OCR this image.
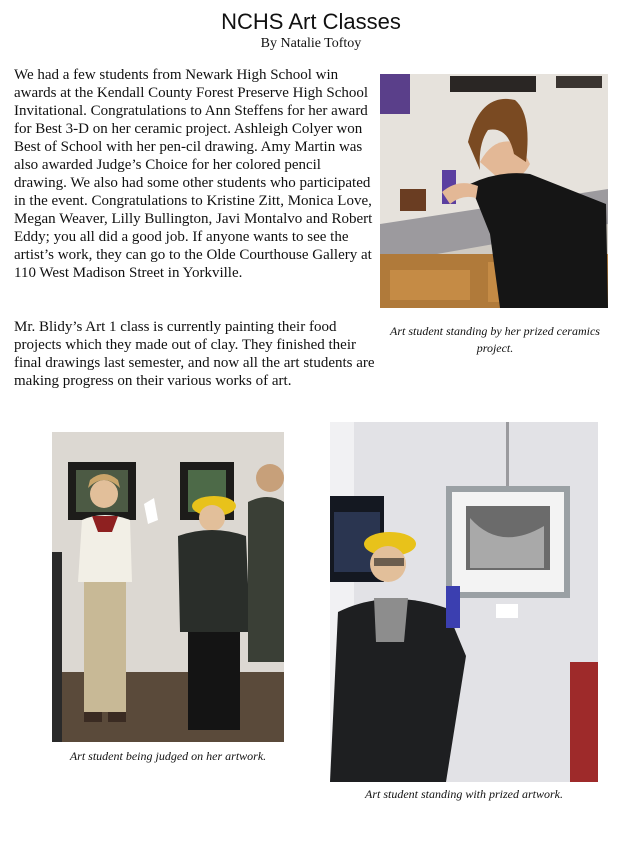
NCHS Art Classes
By Natalie Toftoy

We had a few students from Newark High School win awards at the Kendall County Forest Preserve High School Invitational. Congratulations to Ann Steffens for her award for Best 3-D on her ceramic project. Ashleigh Colyer won Best of School with her pen-cil drawing. Amy Martin was also awarded Judge’s Choice for her colored pencil drawing. We also had some other students who participated in the event. Congratulations to Kristine Zitt, Monica Love, Megan Weaver, Lilly Bullington, Javi Montalvo and Robert Eddy; you all did a good job. If anyone wants to see the artist’s work, they can go to the Olde Courthouse Gallery at 110 West Madison Street in Yorkville.

Mr. Blidy’s Art 1 class is currently painting their food projects which they made out of clay. They finished their final drawings last semester, and now all the art students are making progress on their various works of art.

Art student standing by her prized ceramics project.
Art student being judged on her artwork.
Art student standing with prized artwork.
